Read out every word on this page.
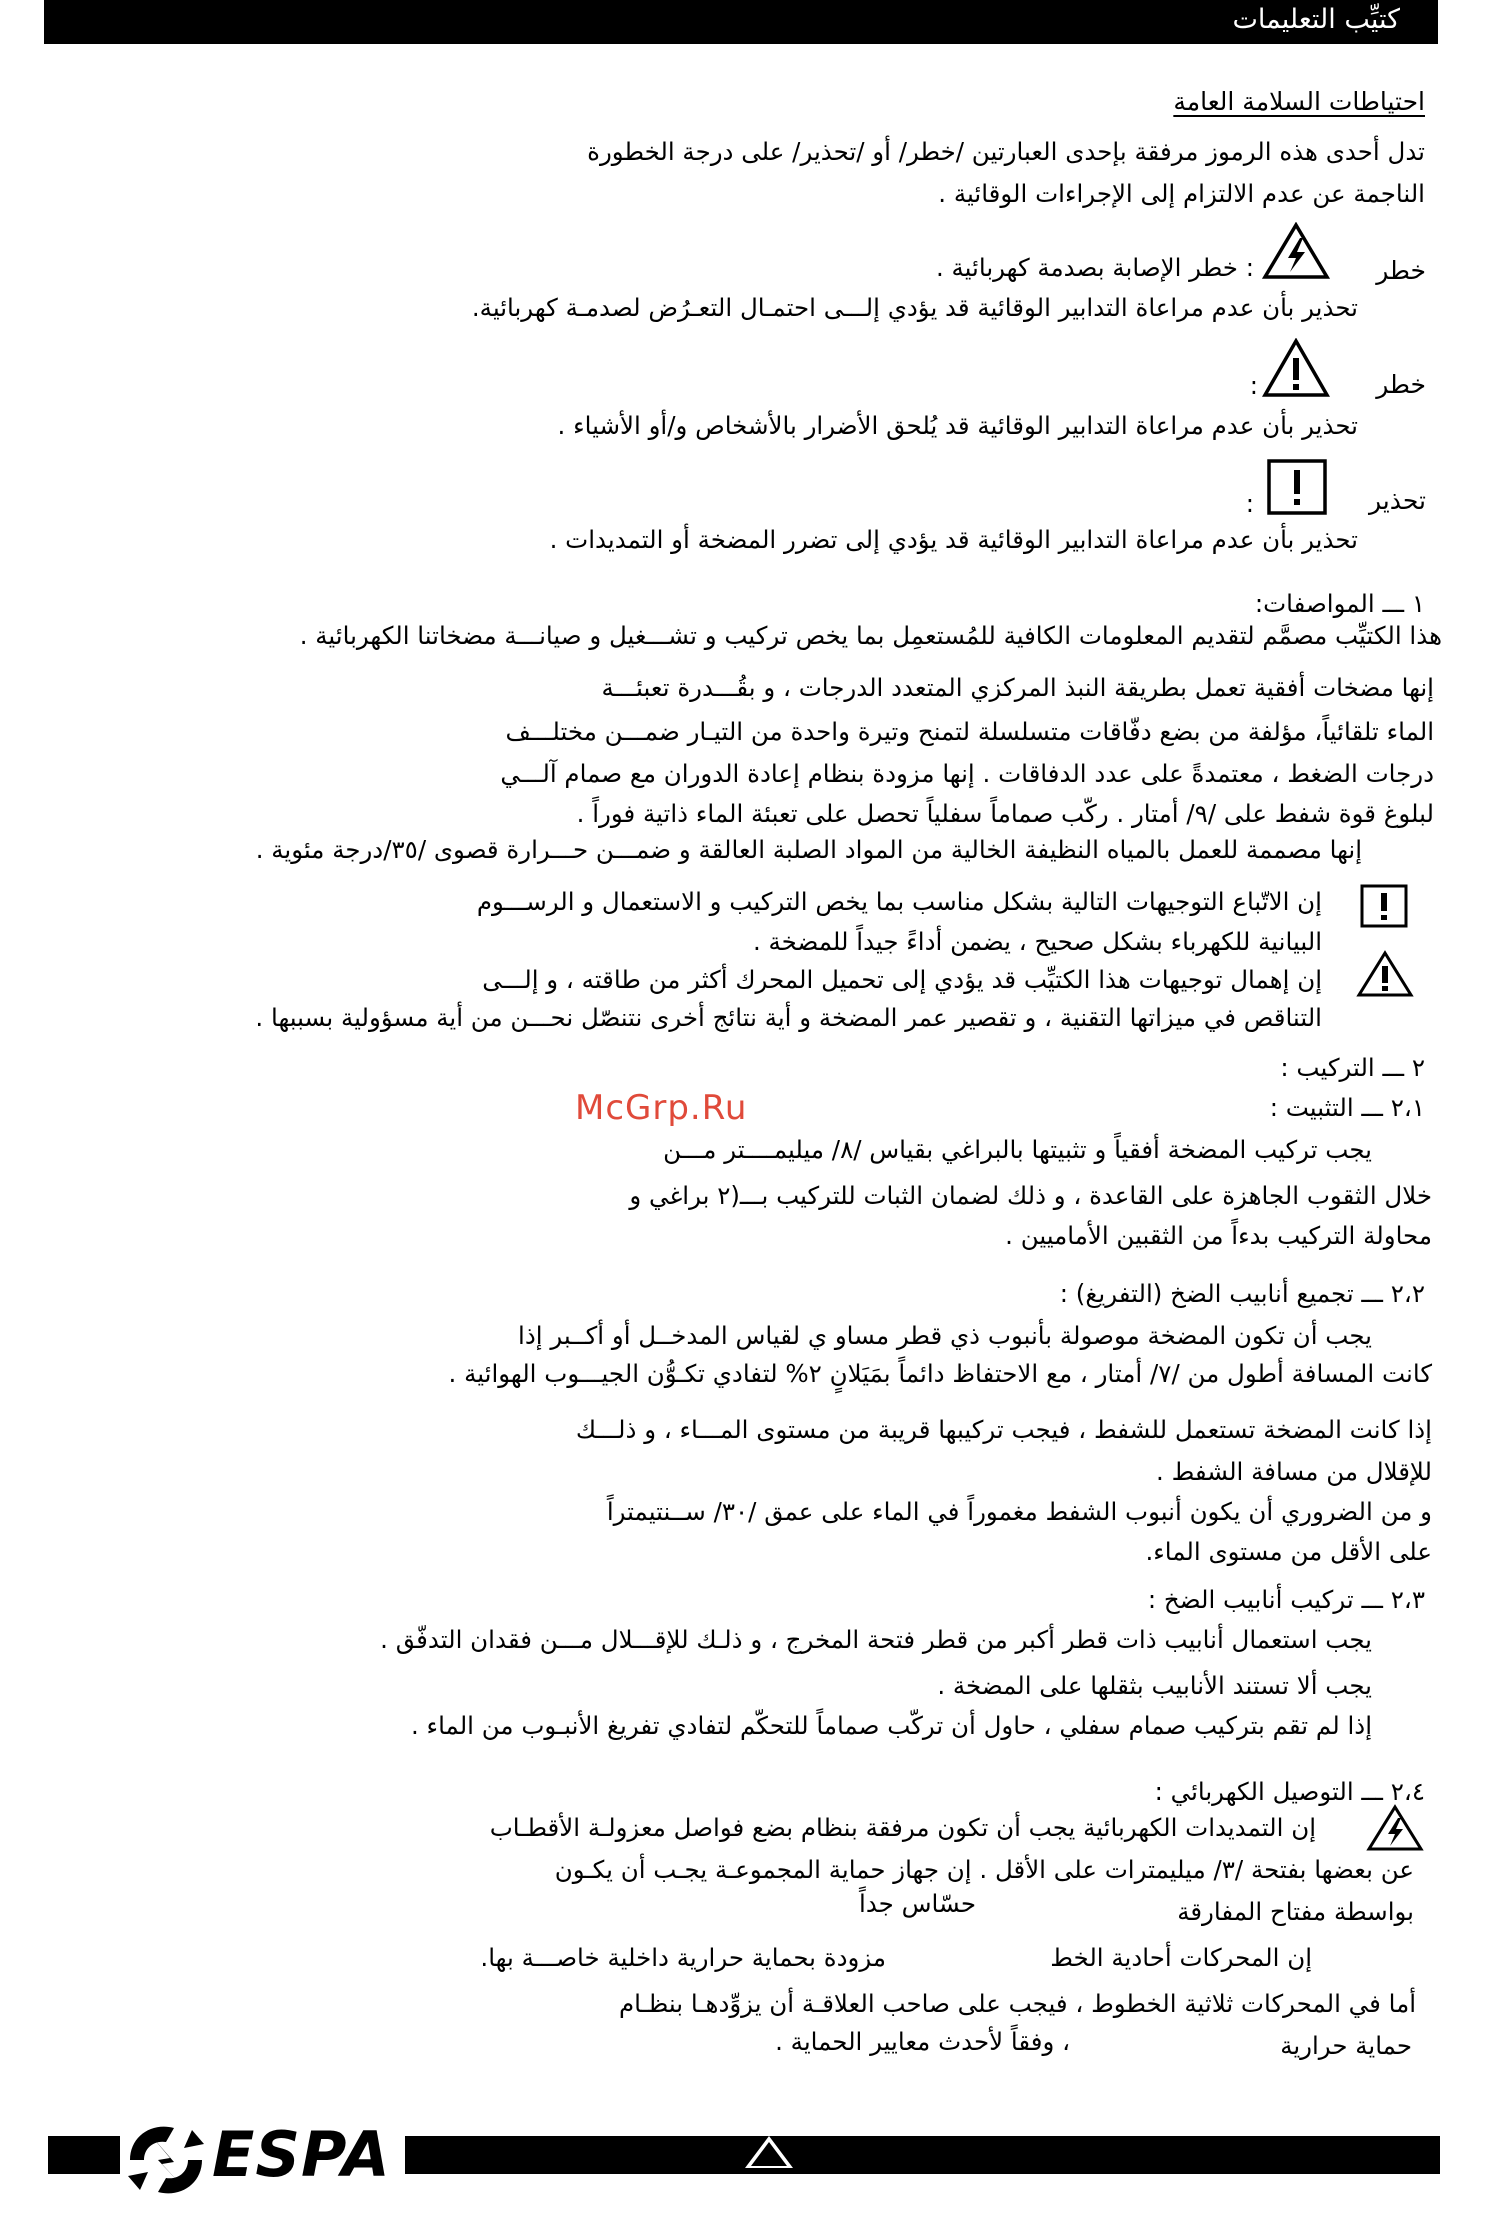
كتيِّب التعليمات
احتياطات السلامة العامة
تدل أحدى هذه الرموز مرفقة بإحدى العبارتين /خطر/ أو /تحذير/ على درجة الخطورة
الناجمة عن عدم الالتزام إلى الإجراءات الوقائية .
خطر
: خطر الإصابة بصدمة كهربائية .
تحذير بأن عدم مراعاة التدابير الوقائية قد يؤدي إلـــى احتمـال التعـرُض لصدمـة كهربائية.
خطر
:
تحذير بأن عدم مراعاة التدابير الوقائية قد يُلحق الأضرار بالأشخاص و/أو الأشياء .
تحذير
:
تحذير بأن عدم مراعاة التدابير الوقائية قد يؤدي إلى تضرر المضخة أو التمديدات .
١ ـــ المواصفات:
هذا الكتيِّب مصمَّم لتقديم المعلومات الكافية للمُستعمِل بما يخص تركيب و تشـــغيل و صيانـــة مضخاتنا الكهربائية .
إنها مضخات أفقية تعمل بطريقة النبذ المركزي المتعدد الدرجات ، و بقُـــدرة تعبئـــة
الماء تلقائياً، مؤلفة من بضع دفّاقات متسلسلة لتمنح وتيرة واحدة من التيـار ضمـــن مختلـــف
درجات الضغط ، معتمدةً على عدد الدفاقات . إنها مزودة بنظام إعادة الدوران مع صمام آلـــي
لبلوغ قوة شفط على /٩/ أمتار . ركّب صماماً سفلياً تحصل على تعبئة الماء ذاتية فوراً .
إنها مصممة للعمل بالمياه النظيفة الخالية من المواد الصلبة العالقة و ضمـــن حـــرارة قصوى /٣٥/درجة مئوية .
إن الاتّباع التوجيهات التالية بشكل مناسب بما يخص التركيب و الاستعمال و الرســـوم
البيانية للكهرباء بشكل صحيح ، يضمن أداءً جيداً للمضخة .
إن إهمال توجيهات هذا الكتيِّب قد يؤدي إلى تحميل المحرك أكثر من طاقته ، و إلـــى
التناقص في ميزاتها التقنية ، و تقصير عمر المضخة و أية نتائج أخرى نتنصّل نحـــن من أية مسؤولية بسببها .
٢ ـــ التركيب :
٢،١ ـــ التثبيت :
McGrp.Ru
يجب تركيب المضخة أفقياً و تثبيتها بالبراغي بقياس /٨/ ميليمــــتر مـــن
خلال الثقوب الجاهزة على القاعدة ، و ذلك لضمان الثبات للتركيب بـــ(٢ براغي و
محاولة التركيب بدءاً من الثقبين الأماميين .
٢،٢ ـــ تجميع أنابيب الضخ (التفريغ) :
يجب أن تكون المضخة موصولة بأنبوب ذي قطر مساو ي لقياس المدخــل أو أكــبر إذا
كانت المسافة أطول من /٧/ أمتار ، مع الاحتفاظ دائماً بمَيَلانٍ ٢% لتفادي تكـوُّن الجيـــوب الهوائية .
إذا كانت المضخة تستعمل للشفط ، فيجب تركيبها قريبة من مستوى المـــاء ، و ذلـــك
للإقلال من مسافة الشفط .
و من الضروري أن يكون أنبوب الشفط مغموراً في الماء على عمق /٣٠/ ســنتيمتراً
على الأقل من مستوى الماء.
٢،٣ ـــ تركيب أنابيب الضخ :
يجب استعمال أنابيب ذات قطر أكبر من قطر فتحة المخرج ، و ذلـك للإقـــلال مـــن فقدان التدفّق .
يجب ألا تستند الأنابيب بثقلها على المضخة .
إذا لم تقم بتركيب صمام سفلي ، حاول أن تركّب صماماً للتحكّم لتفادي تفريغ الأنبـوب من الماء .
٢،٤ ـــ التوصيل الكهربائي :
إن التمديدات الكهربائية يجب أن تكون مرفقة بنظام بضع فواصل معزولـة الأقطـاب
عن بعضها بفتحة /٣/ ميليمترات على الأقل . إن جهاز حماية المجموعـة يجـب أن يكـون
بواسطة مفتاح المفارقة
حسّاس جداً
إن المحركات أحادية الخط
مزودة بحماية حرارية داخلية خاصـــة بها.
أما في المحركات ثلاثية الخطوط ، فيجب على صاحب العلاقـة أن يزوِّدهـا بنظـام
حماية حرارية
، وفقاً لأحدث معايير الحماية .
ESPA
